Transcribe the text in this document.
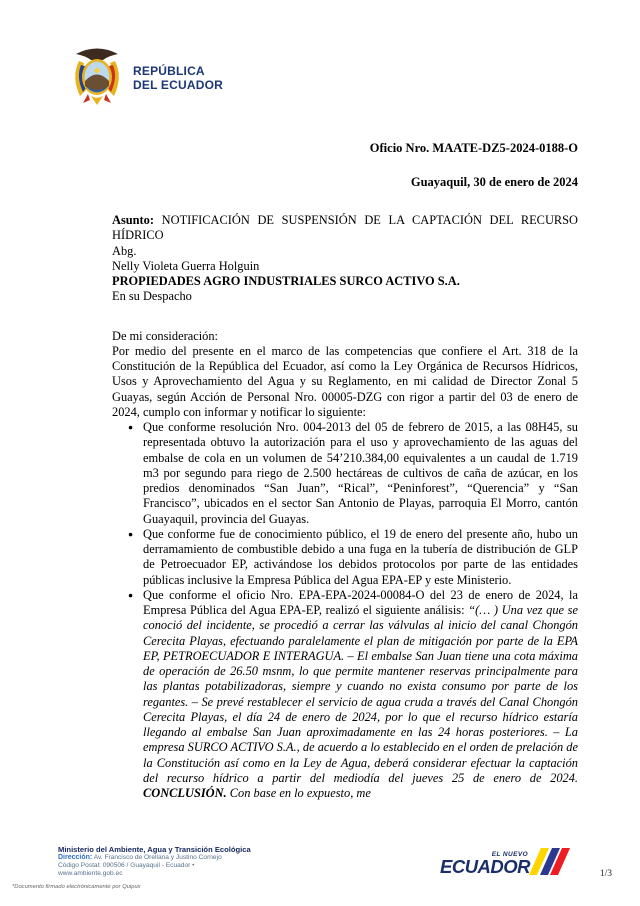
REPÚBLICA
DEL ECUADOR
Oficio Nro. MAATE-DZ5-2024-0188-O
Guayaquil, 30 de enero de 2024

Asunto: NOTIFICACIÓN DE SUSPENSIÓN DE LA CAPTACIÓN DEL RECURSO HÍDRICO

Abg.
Nelly Violeta Guerra Holguin
PROPIEDADES AGRO INDUSTRIALES SURCO ACTIVO S.A.
En su Despacho

De mi consideración:

Por medio del presente en el marco de las competencias que confiere el Art. 318 de la Constitución de la República del Ecuador, así como la Ley Orgánica de Recursos Hídricos, Usos y Aprovechamiento del Agua y su Reglamento, en mi calidad de Director Zonal 5 Guayas, según Acción de Personal Nro. 00005-DZG con rigor a partir del 03 de enero de 2024, cumplo con informar y notificar lo siguiente:

● Que conforme resolución Nro. 004-2013 del 05 de febrero de 2015, a las 08H45, su representada obtuvo la autorización para el uso y aprovechamiento de las aguas del embalse de cola en un volumen de 54’210.384,00 equivalentes a un caudal de 1.719 m3 por segundo para riego de 2.500 hectáreas de cultivos de caña de azúcar, en los predios denominados “San Juan”, “Rical”, “Peninforest”, “Querencia” y “San Francisco”, ubicados en el sector San Antonio de Playas, parroquia El Morro, cantón Guayaquil, provincia del Guayas.
● Que conforme fue de conocimiento público, el 19 de enero del presente año, hubo un derramamiento de combustible debido a una fuga en la tubería de distribución de GLP de Petroecuador EP, activándose los debidos protocolos por parte de las entidades públicas inclusive la Empresa Pública del Agua EPA-EP y este Ministerio.
● Que conforme el oficio Nro. EPA-EPA-2024-00084-O del 23 de enero de 2024, la Empresa Pública del Agua EPA-EP, realizó el siguiente análisis: “(… ) Una vez que se conoció del incidente, se procedió a cerrar las válvulas al inicio del canal Chongón Cerecita Playas, efectuando paralelamente el plan de mitigación por parte de la EPA EP, PETROECUADOR E INTERAGUA. – El embalse San Juan tiene una cota máxima de operación de 26.50 msnm, lo que permite mantener reservas principalmente para las plantas potabilizadoras, siempre y cuando no exista consumo por parte de los regantes. – Se prevé restablecer el servicio de agua cruda a través del Canal Chongón Cerecita Playas, el día 24 de enero de 2024, por lo que el recurso hídrico estaría llegando al embalse San Juan aproximadamente en las 24 horas posteriores. – La empresa SURCO ACTIVO S.A., de acuerdo a lo establecido en el orden de prelación de la Constitución así como en la Ley de Agua, deberá considerar efectuar la captación del recurso hídrico a partir del mediodía del jueves 25 de enero de 2024. CONCLUSIÓN. Con base en lo expuesto, me
Ministerio del Ambiente, Agua y Transición Ecológica
Dirección: Av. Francisco de Orellana y Justino Cornejo
Código Postal: 090506 / Guayaquil - Ecuador •
www.ambiente.gob.ec
*Documento firmado electrónicamente por Quipux
EL NUEVO
ECUADOR	1/3
